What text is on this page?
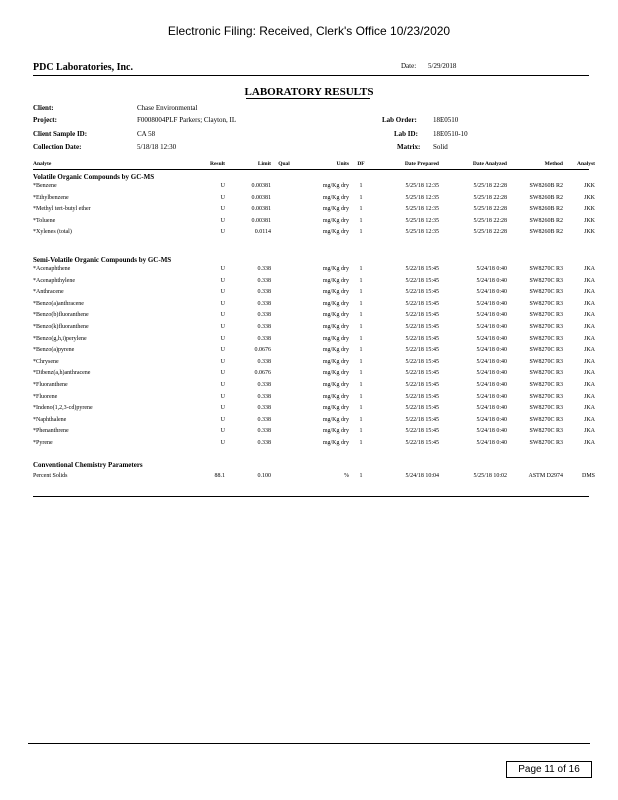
Electronic Filing: Received, Clerk's Office 10/23/2020
PDC Laboratories, Inc.	Date: 5/29/2018
LABORATORY RESULTS
Client:	Chase Environmental
Project:	F0008004PLF Parkers; Clayton, IL
Client Sample ID:	CA 58
Collection Date:	5/18/18 12:30
Lab Order: 18E0510
Lab ID: 18E0510-10
Matrix: Solid
Analyte	Result	Limit	Qual	Units	DF	Date Prepared	Date Analyzed	Method	Analyst
Volatile Organic Compounds by GC-MS
*Benzene	U	0.00381		mg/Kg dry	1	5/25/18 12:35	5/25/18 22:28	SW8260B R2	JKK
*Ethylbenzene	U	0.00381		mg/Kg dry	1	5/25/18 12:35	5/25/18 22:28	SW8260B R2	JKK
*Methyl tert-butyl ether	U	0.00381		mg/Kg dry	1	5/25/18 12:35	5/25/18 22:28	SW8260B R2	JKK
*Toluene	U	0.00381		mg/Kg dry	1	5/25/18 12:35	5/25/18 22:28	SW8260B R2	JKK
*Xylenes (total)	U	0.0114		mg/Kg dry	1	5/25/18 12:35	5/25/18 22:28	SW8260B R2	JKK
Semi-Volatile Organic Compounds by GC-MS
*Acenaphthene	U	0.338		mg/Kg dry	1	5/22/18 15:45	5/24/18 0:40	SW8270C R3	JKA
*Acenaphthylene	U	0.338		mg/Kg dry	1	5/22/18 15:45	5/24/18 0:40	SW8270C R3	JKA
*Anthracene	U	0.338		mg/Kg dry	1	5/22/18 15:45	5/24/18 0:40	SW8270C R3	JKA
*Benzo(a)anthracene	U	0.338		mg/Kg dry	1	5/22/18 15:45	5/24/18 0:40	SW8270C R3	JKA
*Benzo(b)fluoranthene	U	0.338		mg/Kg dry	1	5/22/18 15:45	5/24/18 0:40	SW8270C R3	JKA
*Benzo(k)fluoranthene	U	0.338		mg/Kg dry	1	5/22/18 15:45	5/24/18 0:40	SW8270C R3	JKA
*Benzo(g,h,i)perylene	U	0.338		mg/Kg dry	1	5/22/18 15:45	5/24/18 0:40	SW8270C R3	JKA
*Benzo(a)pyrene	U	0.0676		mg/Kg dry	1	5/22/18 15:45	5/24/18 0:40	SW8270C R3	JKA
*Chrysene	U	0.338		mg/Kg dry	1	5/22/18 15:45	5/24/18 0:40	SW8270C R3	JKA
*Dibenz(a,h)anthracene	U	0.0676		mg/Kg dry	1	5/22/18 15:45	5/24/18 0:40	SW8270C R3	JKA
*Fluoranthene	U	0.338		mg/Kg dry	1	5/22/18 15:45	5/24/18 0:40	SW8270C R3	JKA
*Fluorene	U	0.338		mg/Kg dry	1	5/22/18 15:45	5/24/18 0:40	SW8270C R3	JKA
*Indeno(1,2,3-cd)pyrene	U	0.338		mg/Kg dry	1	5/22/18 15:45	5/24/18 0:40	SW8270C R3	JKA
*Naphthalene	U	0.338		mg/Kg dry	1	5/22/18 15:45	5/24/18 0:40	SW8270C R3	JKA
*Phenanthrene	U	0.338		mg/Kg dry	1	5/22/18 15:45	5/24/18 0:40	SW8270C R3	JKA
*Pyrene	U	0.338		mg/Kg dry	1	5/22/18 15:45	5/24/18 0:40	SW8270C R3	JKA
Conventional Chemistry Parameters
Percent Solids	88.1	0.100		%	1	5/24/18 10:04	5/25/18 10:02	ASTM D2974	DMS
Page 11 of 16
